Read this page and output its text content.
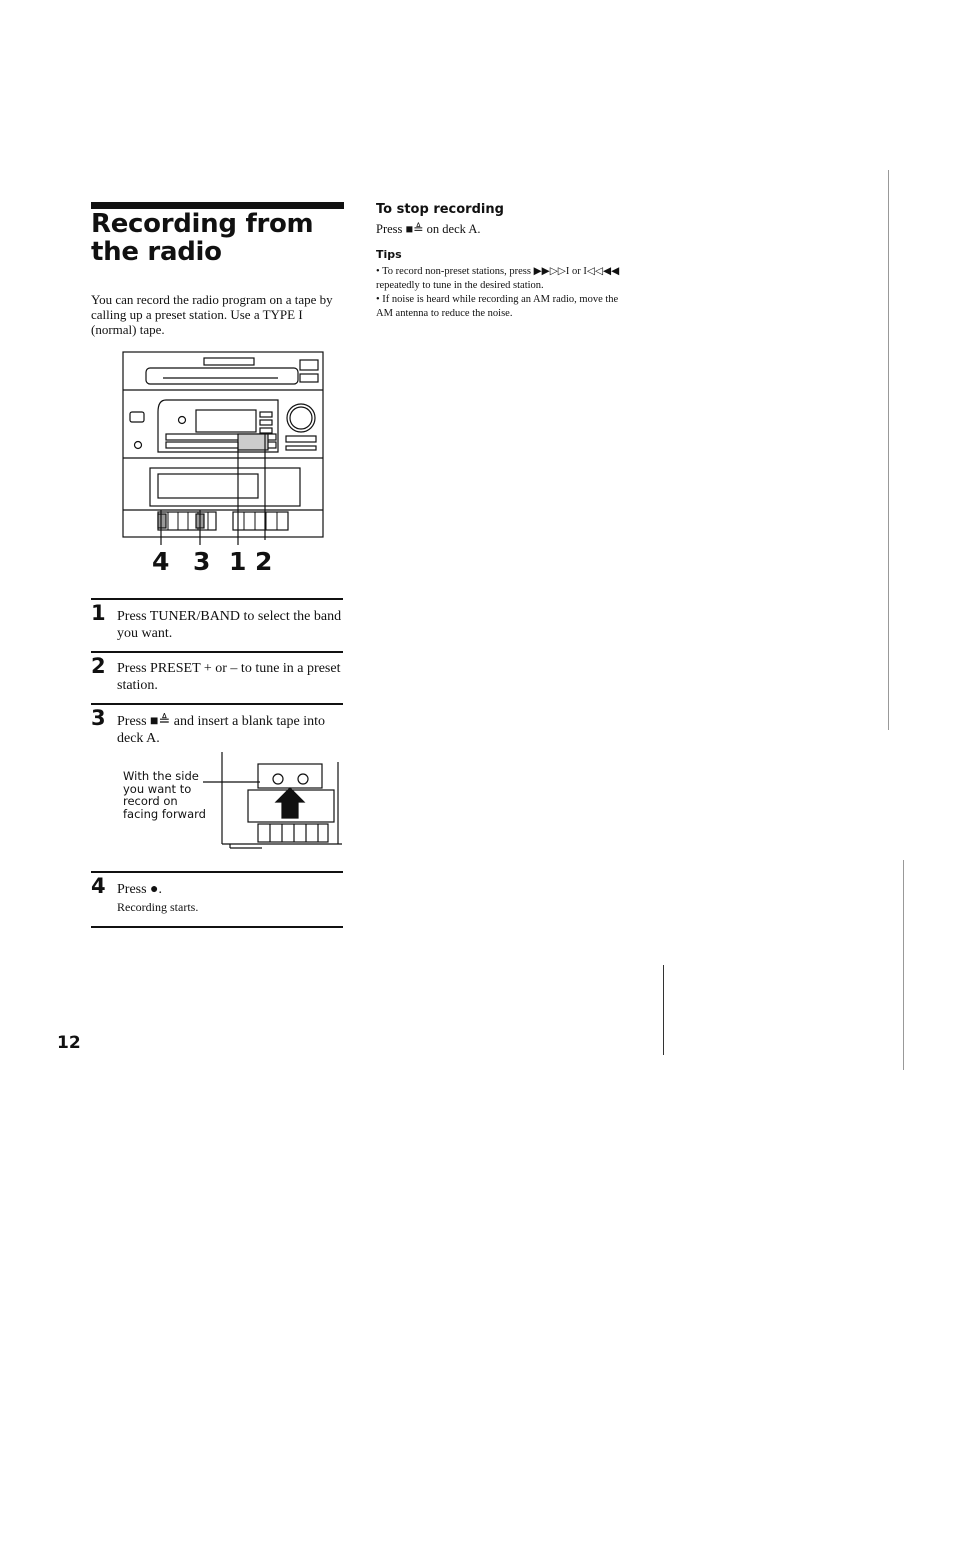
Recording from the radio

You can record the radio program on a tape by calling up a preset station. Use a TYPE I (normal) tape.

4 3 1 2
1 Press TUNER/BAND to select the band you want.
2 Press PRESET + or – to tune in a preset station.
3 Press ■≜ and insert a blank tape into deck A.
With the side you want to record on facing forward
4 Press ●.
Recording starts.
To stop recording
Press ■≜ on deck A.
Tips
• To record non-preset stations, press ▶▶▷▷I or I◁◁◀◀ repeatedly to tune in the desired station.
• If noise is heard while recording an AM radio, move the AM antenna to reduce the noise.
12
